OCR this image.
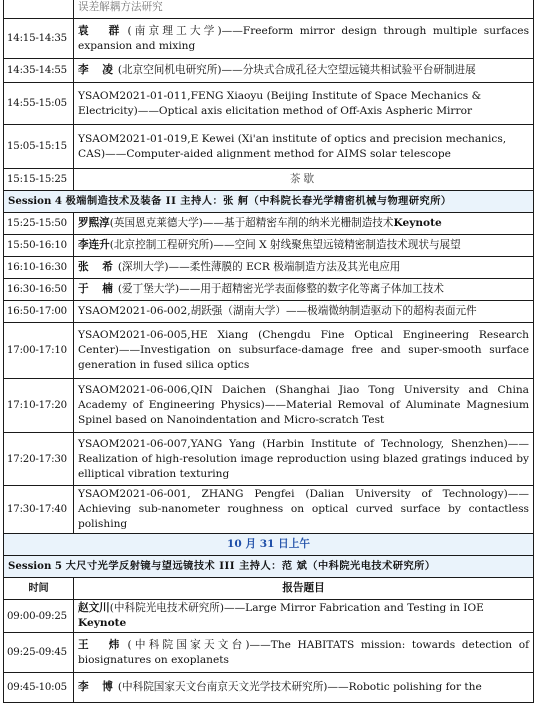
	误差解耦方法研究
14:15-14:35	袁 群(南京理工大学)——Freeform mirror design through multiple surfaces expansion and mixing
14:35-14:55	李 凌(北京空间机电研究所)——分块式合成孔径大空望远镜共相试验平台研制进展
14:55-15:05	YSAOM2021-01-011,FENG Xiaoyu (Beijing Institute of Space Mechanics & Electricity)——Optical axis elicitation method of Off-Axis Aspheric Mirror
15:05-15:15	YSAOM2021-01-019,E Kewei (Xi'an institute of optics and precision mechanics, CAS)——Computer-aided alignment method for AIMS solar telescope
15:15-15:25	茶歇
Session 4 极端制造技术及装备 II 主持人：张 舸（中科院长春光学精密机械与物理研究所）	
15:25-15:50	罗熙淳(英国恩克莱德大学)——基于超精密车削的纳米光栅制造技术Keynote
15:50-16:10	李连升(北京控制工程研究所)——空间 X 射线聚焦望远镜精密制造技术现状与展望
16:10-16:30	张 希(深圳大学)——柔性薄膜的 ECR 极端制造方法及其光电应用
16:30-16:50	于 楠(爱丁堡大学)——用于超精密光学表面修整的数字化等离子体加工技术
16:50-17:00	YSAOM2021-06-002,胡跃强（湖南大学）——极端微纳制造驱动下的超构表面元件
17:00-17:10	YSAOM2021-06-005,HE Xiang (Chengdu Fine Optical Engineering Research Center)——Investigation on subsurface-damage free and super-smooth surface generation in fused silica optics
17:10-17:20	YSAOM2021-06-006,QIN Daichen (Shanghai Jiao Tong University and China Academy of Engineering Physics)——Material Removal of Aluminate Magnesium Spinel based on Nanoindentation and Micro-scratch Test
17:20-17:30	YSAOM2021-06-007,YANG Yang (Harbin Institute of Technology, Shenzhen)——Realization of high-resolution image reproduction using blazed gratings induced by elliptical vibration texturing
17:30-17:40	YSAOM2021-06-001, ZHANG Pengfei (Dalian University of Technology)——Achieving sub-nanometer roughness on optical curved surface by contactless polishing
10 月 31 日上午	
Session 5 大尺寸光学反射镜与望远镜技术 III 主持人：范 斌（中科院光电技术研究所）	
时间	报告题目
09:00-09:25	赵文川(中科院光电技术研究所)——Large Mirror Fabrication and Testing in IOE Keynote
09:25-09:45	王 炜(中科院国家天文台)——The HABITATS mission: towards detection of biosignatures on exoplanets
09:45-10:05	李 博(中科院国家天文台南京天文光学技术研究所)——Robotic polishing for the
